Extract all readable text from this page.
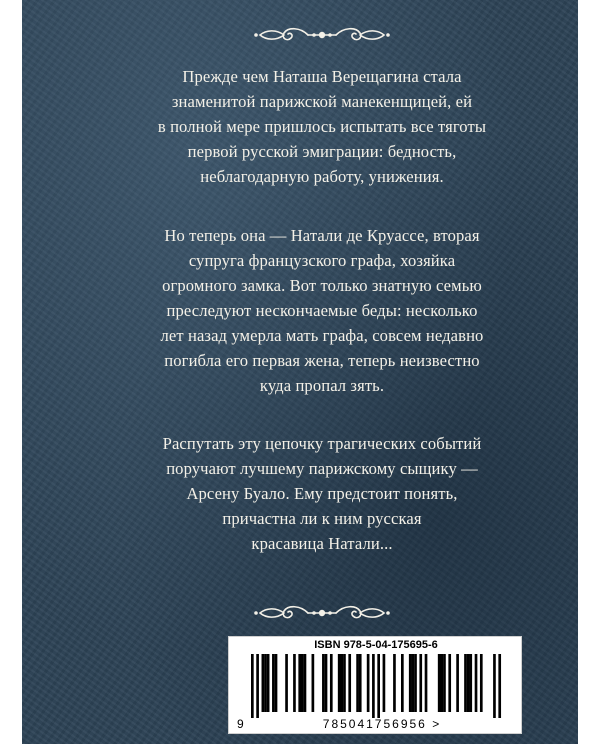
Прежде чем Наташа Верещагина стала
знаменитой парижской манекенщицей, ей
в полной мере пришлось испытать все тяготы
первой русской эмиграции: бедность,
неблагодарную работу, унижения.
Но теперь она — Натали де Круассе, вторая
супруга французского графа, хозяйка
огромного замка. Вот только знатную семью
преследуют нескончаемые беды: несколько
лет назад умерла мать графа, совсем недавно
погибла его первая жена, теперь неизвестно
куда пропал зять.
Распутать эту цепочку трагических событий
поручают лучшему парижскому сыщику —
Арсену Буало. Ему предстоит понять,
причастна ли к ним русская
красавица Натали...
ISBN 978-5-04-175695-6
9	785041756956 >
